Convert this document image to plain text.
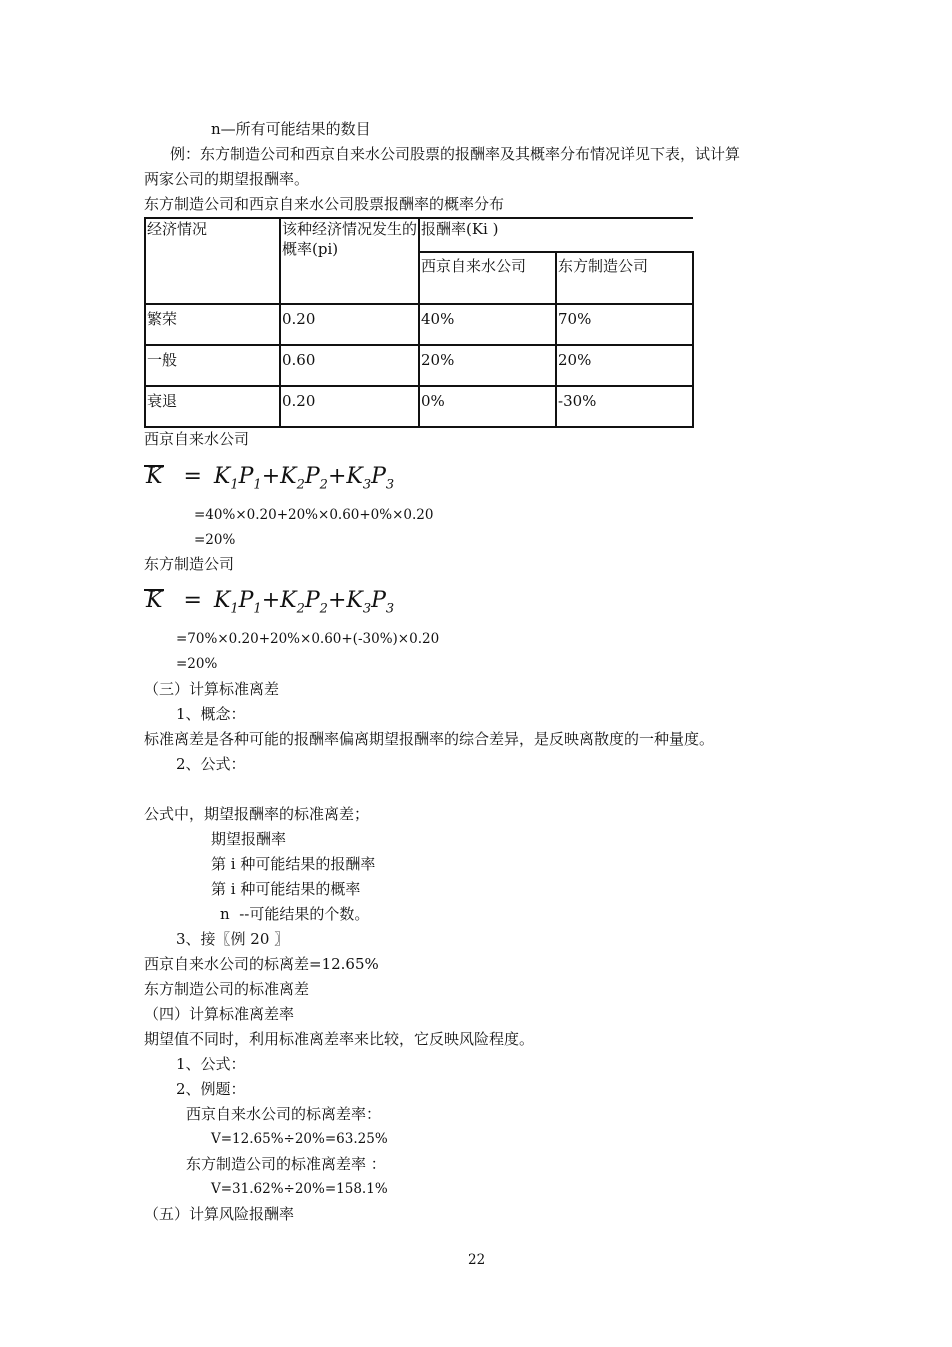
n—所有可能结果的数目
例：东方制造公司和西京自来水公司股票的报酬率及其概率分布情况详见下表，试计算
两家公司的期望报酬率。
东方制造公司和西京自来水公司股票报酬率的概率分布
经济情况	该种经济情况发生的概率(pi)	报酬率(Ki )	
		西京自来水公司	东方制造公司
繁荣	0.20	40%	70%
一般	0.60	20%	20%
衰退	0.20	0%	-30%
西京自来水公司
$K = K_1P_1+K_2P_2+K_3P_3$
=40%×0.20+20%×0.60+0%×0.20
=20%
东方制造公司
$K = K_1P_1+K_2P_2+K_3P_3$
=70%×0.20+20%×0.60+(-30%)×0.20
=20%
（三）计算标准离差
1、概念：
标准离差是各种可能的报酬率偏离期望报酬率的综合差异，是反映离散度的一种量度。
2、公式：
公式中，期望报酬率的标准离差；
期望报酬率
第 i 种可能结果的报酬率
第 i 种可能结果的概率
n  --可能结果的个数。
3、接〖例 20 〗
西京自来水公司的标离差=12.65%
东方制造公司的标准离差
（四）计算标准离差率
期望值不同时，利用标准离差率来比较，它反映风险程度。
1、公式：
2、例题：
西京自来水公司的标离差率：
V=12.65%÷20%=63.25%
东方制造公司的标准离差率 ：
V=31.62%÷20%=158.1%
（五）计算风险报酬率
22
